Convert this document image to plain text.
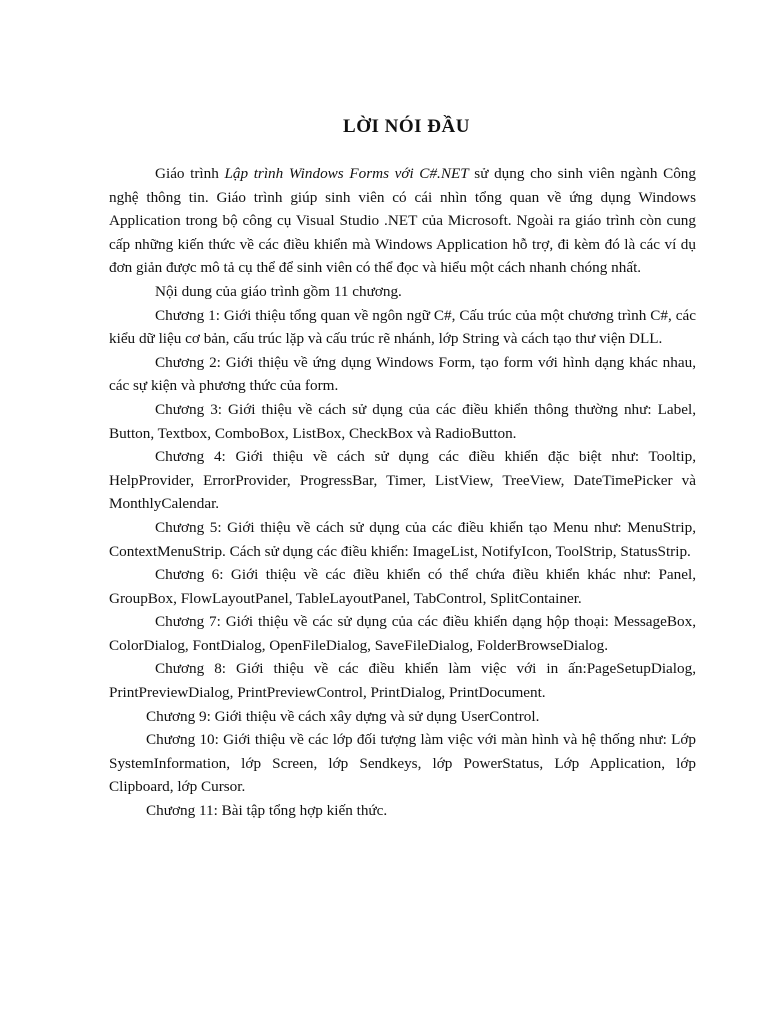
LỜI NÓI ĐẦU

Giáo trình Lập trình Windows Forms với C#.NET sử dụng cho sinh viên ngành Công nghệ thông tin. Giáo trình giúp sinh viên có cái nhìn tổng quan về ứng dụng Windows Application trong bộ công cụ Visual Studio .NET của Microsoft. Ngoài ra giáo trình còn cung cấp những kiến thức về các điều khiển mà Windows Application hỗ trợ, đi kèm đó là các ví dụ đơn giản được mô tả cụ thể để sinh viên có thể đọc và hiểu một cách nhanh chóng nhất.

Nội dung của giáo trình gồm 11 chương.

Chương 1: Giới thiệu tổng quan về ngôn ngữ C#, Cấu trúc của một chương trình C#, các kiểu dữ liệu cơ bản, cấu trúc lặp và cấu trúc rẽ nhánh, lớp String và cách tạo thư viện DLL.

Chương 2: Giới thiệu về ứng dụng Windows Form, tạo form với hình dạng khác nhau, các sự kiện và phương thức của form.

Chương 3: Giới thiệu về cách sử dụng của các điều khiển thông thường như: Label, Button, Textbox, ComboBox, ListBox, CheckBox và RadioButton.

Chương 4: Giới thiệu về cách sử dụng các điều khiển đặc biệt như: Tooltip, HelpProvider, ErrorProvider, ProgressBar, Timer, ListView, TreeView, DateTimePicker và MonthlyCalendar.

Chương 5: Giới thiệu về cách sử dụng của các điều khiển tạo Menu như: MenuStrip, ContextMenuStrip. Cách sử dụng các điều khiển: ImageList, NotifyIcon, ToolStrip, StatusStrip.

Chương 6: Giới thiệu về các điều khiển có thể chứa điều khiển khác như: Panel, GroupBox, FlowLayoutPanel, TableLayoutPanel, TabControl, SplitContainer.

Chương 7: Giới thiệu về các sử dụng của các điều khiển dạng hộp thoại: MessageBox, ColorDialog, FontDialog, OpenFileDialog, SaveFileDialog, FolderBrowseDialog.

Chương 8: Giới thiệu về các điều khiển làm việc với in ấn:PageSetupDialog, PrintPreviewDialog, PrintPreviewControl, PrintDialog, PrintDocument.

Chương 9: Giới thiệu về cách xây dựng và sử dụng UserControl.

Chương 10: Giới thiệu về các lớp đối tượng làm việc với màn hình và hệ thống như: Lớp SystemInformation, lớp Screen, lớp Sendkeys, lớp PowerStatus, Lớp Application, lớp Clipboard, lớp Cursor.

Chương 11: Bài tập tổng hợp kiến thức.
